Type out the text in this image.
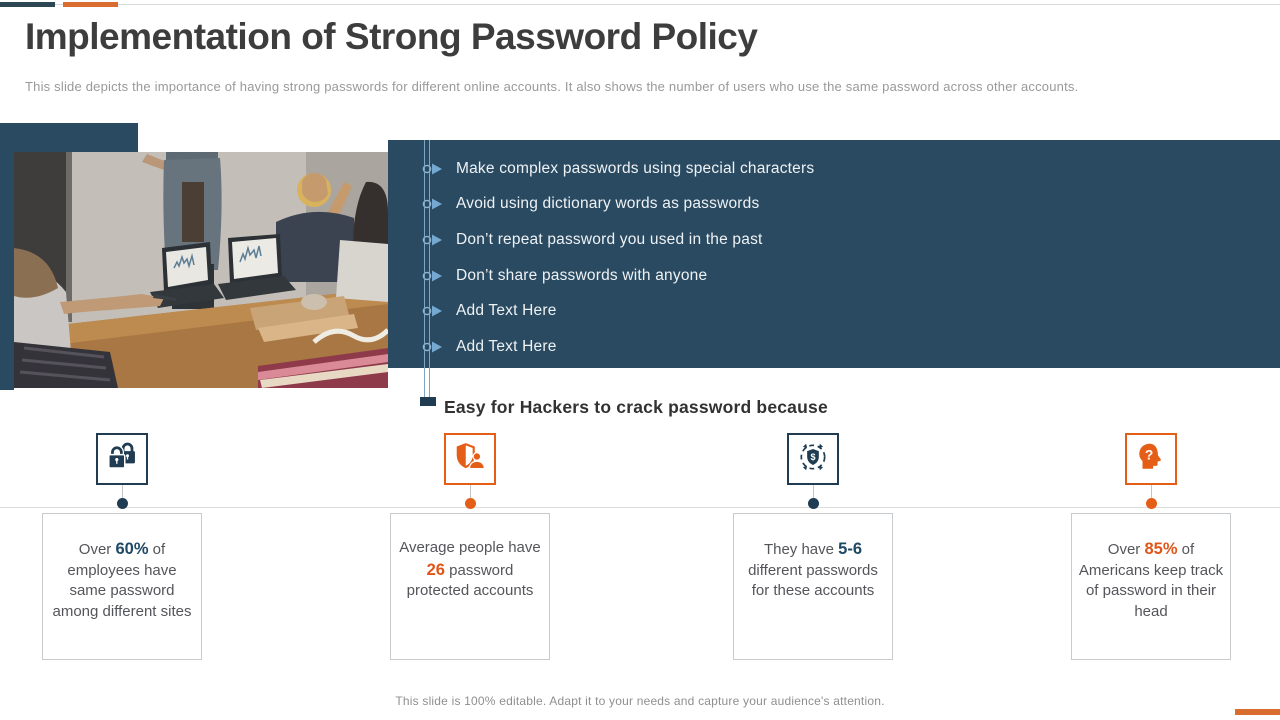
Implementation of Strong Password Policy
This slide depicts the importance of having strong passwords for different online accounts. It also shows the number of users who use the same password across other accounts.
Make complex passwords using special characters
Avoid using dictionary words as passwords
Don’t repeat password you used in the past
Don’t share passwords with anyone
Add Text Here
Add Text Here
Easy for Hackers to crack password because
Over 60% of employees have same password among different sites
Average people have 26 password protected accounts
$
They have 5-6 different passwords for these accounts
?
Over 85% of Americans keep track of password in their head
This slide is 100% editable. Adapt it to your needs and capture your audience's attention.
